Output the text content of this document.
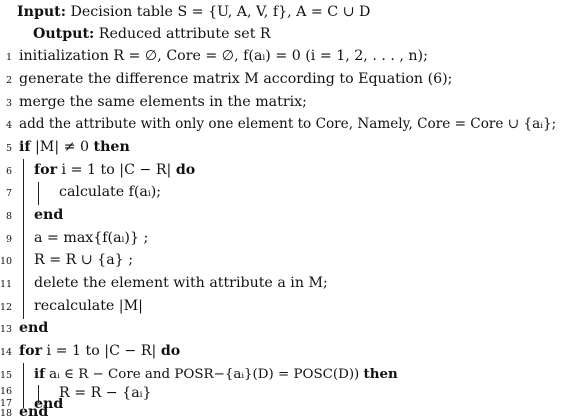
Input: Decision table S = {U, A, V, f}, A = C ∪ D
Output: Reduced attribute set R
1 initialization R = ∅, Core = ∅, f(aᵢ) = 0 (i = 1, 2, . . . , n);
2 generate the difference matrix M according to Equation (6);
3 merge the same elements in the matrix;
4 add the attribute with only one element to Core, Namely, Core = Core ∪ {aᵢ};
5 if |M| ≠ 0 then
6 for i = 1 to |C − R| do
7	calculate f(aᵢ);
8 end
9 a = max{f(aᵢ)} ;
10 R = R ∪ {a} ;
11 delete the element with attribute a in M;
12 recalculate |M|
13 end
14 for i = 1 to |C − R| do
15 if aᵢ ∈ R − Core and POSR−{aᵢ}(D) = POSC(D)) then
16	R = R − {aᵢ}
17 end
18 end
